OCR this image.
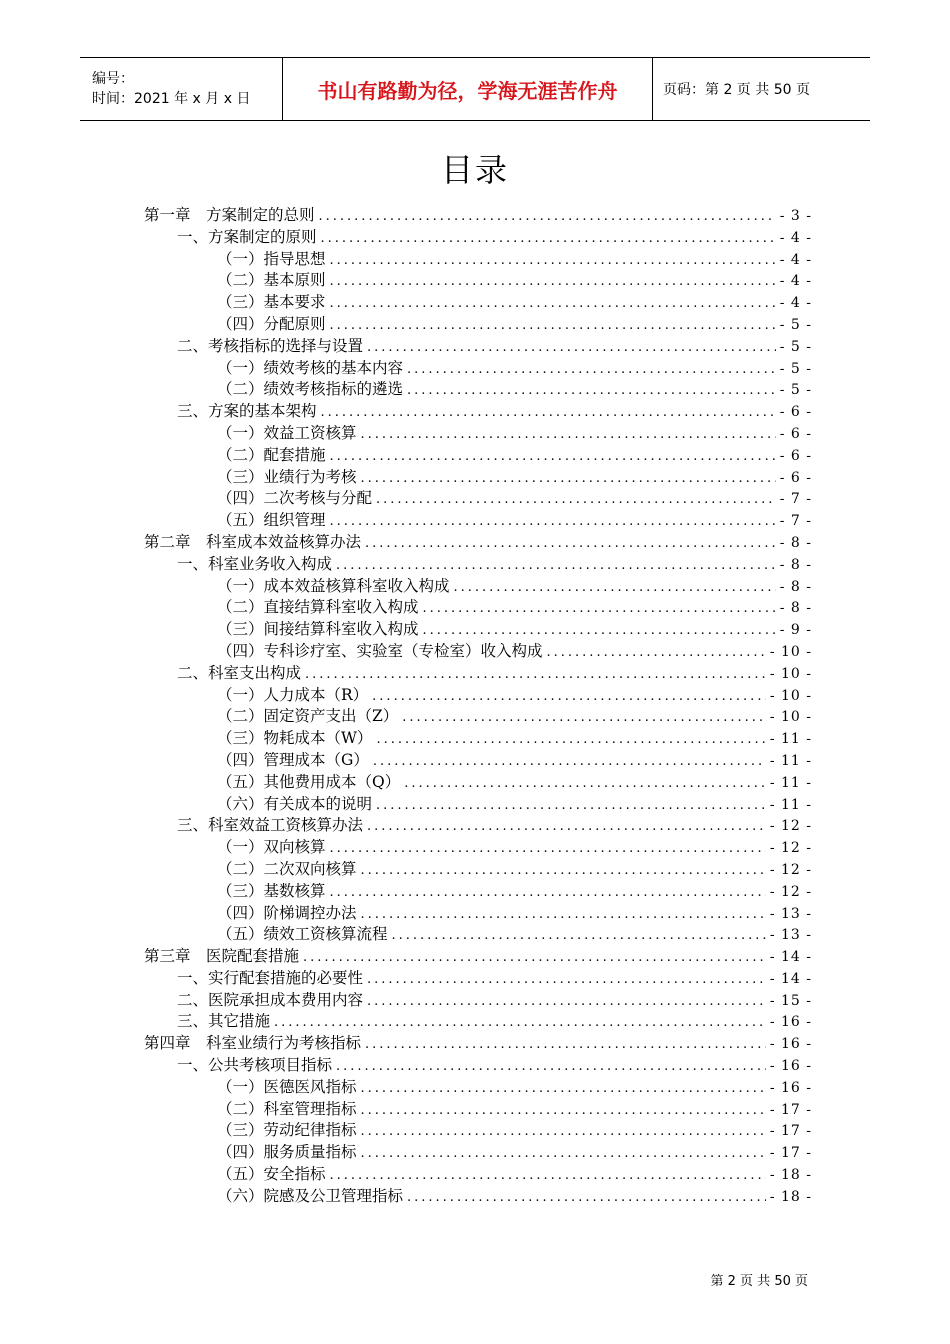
编号：
时间：2021 年 x 月 x 日	书山有路勤为径，学海无涯苦作舟	页码：第 2 页 共 50 页
目录
第一章　方案制定的总则 .....	- 3 -
一、方案制定的原则 .....	- 4 -
（一）指导思想 .....	- 4 -
（二）基本原则 .....	- 4 -
（三）基本要求 .....	- 4 -
（四）分配原则 .....	- 5 -
二、考核指标的选择与设置 .....	- 5 -
（一）绩效考核的基本内容 .....	- 5 -
（二）绩效考核指标的遴选 .....	- 5 -
三、方案的基本架构 .....	- 6 -
（一）效益工资核算 .....	- 6 -
（二）配套措施 .....	- 6 -
（三）业绩行为考核 .....	- 6 -
（四）二次考核与分配 .....	- 7 -
（五）组织管理 .....	- 7 -
第二章　科室成本效益核算办法 .....	- 8 -
一、科室业务收入构成 .....	- 8 -
（一）成本效益核算科室收入构成 .....	- 8 -
（二）直接结算科室收入构成 .....	- 8 -
（三）间接结算科室收入构成 .....	- 9 -
（四）专科诊疗室、实验室（专检室）收入构成 .....	- 10 -
二、科室支出构成 .....	- 10 -
（一）人力成本（R） .....	- 10 -
（二）固定资产支出（Z） .....	- 10 -
（三）物耗成本（W） .....	- 11 -
（四）管理成本（G） .....	- 11 -
（五）其他费用成本（Q） .....	- 11 -
（六）有关成本的说明 .....	- 11 -
三、科室效益工资核算办法 .....	- 12 -
（一）双向核算 .....	- 12 -
（二）二次双向核算 .....	- 12 -
（三）基数核算 .....	- 12 -
（四）阶梯调控办法 .....	- 13 -
（五）绩效工资核算流程 .....	- 13 -
第三章　医院配套措施 .....	- 14 -
一、实行配套措施的必要性 .....	- 14 -
二、医院承担成本费用内容 .....	- 15 -
三、其它措施 .....	- 16 -
第四章　科室业绩行为考核指标 .....	- 16 -
一、公共考核项目指标 .....	- 16 -
（一）医德医风指标 .....	- 16 -
（二）科室管理指标 .....	- 17 -
（三）劳动纪律指标 .....	- 17 -
（四）服务质量指标 .....	- 17 -
（五）安全指标 .....	- 18 -
（六）院感及公卫管理指标 .....	- 18 -
第 2 页 共 50 页
